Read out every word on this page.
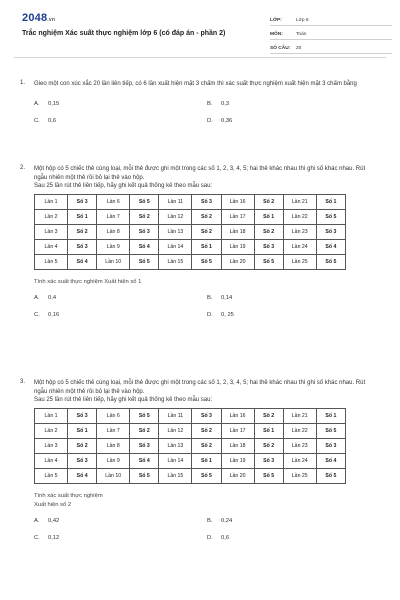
2048.vn
Trắc nghiệm Xác suất thực nghiệm lớp 6 (có đáp án - phần 2)
LỚP:	Lớp 6
MÔN:	Toán
SỐ CÂU:	20
1. Gieo một con xúc xắc 20 lần liên tiếp, có 6 lần xuất hiện mặt 3 chấm thì xác suất thực nghiệm xuất hiện mặt 3 chấm bằng
A. 0,15	B. 0,3
C. 0,6	D. 0,36
2. Một hộp có 5 chiếc thẻ cùng loại, mỗi thẻ được ghi một trong các số 1, 2, 3, 4, 5; hai thẻ khác nhau thì ghi số khác nhau. Rút ngẫu nhiên một thẻ rồi bỏ lại thẻ vào hộp.
Sau 25 lần rút thẻ liên tiếp, hãy ghi kết quả thống kê theo mẫu sau:
Lần 1	Số 3	Lần 6	Số 5	Lần 11	Số 3	Lần 16	Số 2	Lần 21	Số 1
Lần 2	Số 1	Lần 7	Số 2	Lần 12	Số 2	Lần 17	Số 1	Lần 22	Số 5
Lần 3	Số 2	Lần 8	Số 3	Lần 13	Số 2	Lần 18	Số 2	Lần 23	Số 3
Lần 4	Số 3	Lần 9	Số 4	Lần 14	Số 1	Lần 19	Số 3	Lần 24	Số 4
Lần 5	Số 4	Lần 10	Số 5	Lần 15	Số 5	Lần 20	Số 5	Lần 25	Số 5
Tính xác suất thực nghiệm Xuất hiện số 1
A. 0,4	B. 0,14
C. 0,16	D. 0, 25
3. Một hộp có 5 chiếc thẻ cùng loại, mỗi thẻ được ghi một trong các số 1, 2, 3, 4, 5; hai thẻ khác nhau thì ghi số khác nhau. Rút ngẫu nhiên một thẻ rồi bỏ lại thẻ vào hộp.
Sau 25 lần rút thẻ liên tiếp, hãy ghi kết quả thống kê theo mẫu sau:
Lần 1	Số 3	Lần 6	Số 5	Lần 11	Số 3	Lần 16	Số 2	Lần 21	Số 1
Lần 2	Số 1	Lần 7	Số 2	Lần 12	Số 2	Lần 17	Số 1	Lần 22	Số 5
Lần 3	Số 2	Lần 8	Số 3	Lần 13	Số 2	Lần 18	Số 2	Lần 23	Số 3
Lần 4	Số 3	Lần 9	Số 4	Lần 14	Số 1	Lần 19	Số 3	Lần 24	Số 4
Lần 5	Số 4	Lần 10	Số 5	Lần 15	Số 5	Lần 20	Số 5	Lần 25	Số 5
Tính xác suất thực nghiệm
Xuất hiện số 2
A. 0,42	B. 0,24
C. 0,12	D. 0,6
